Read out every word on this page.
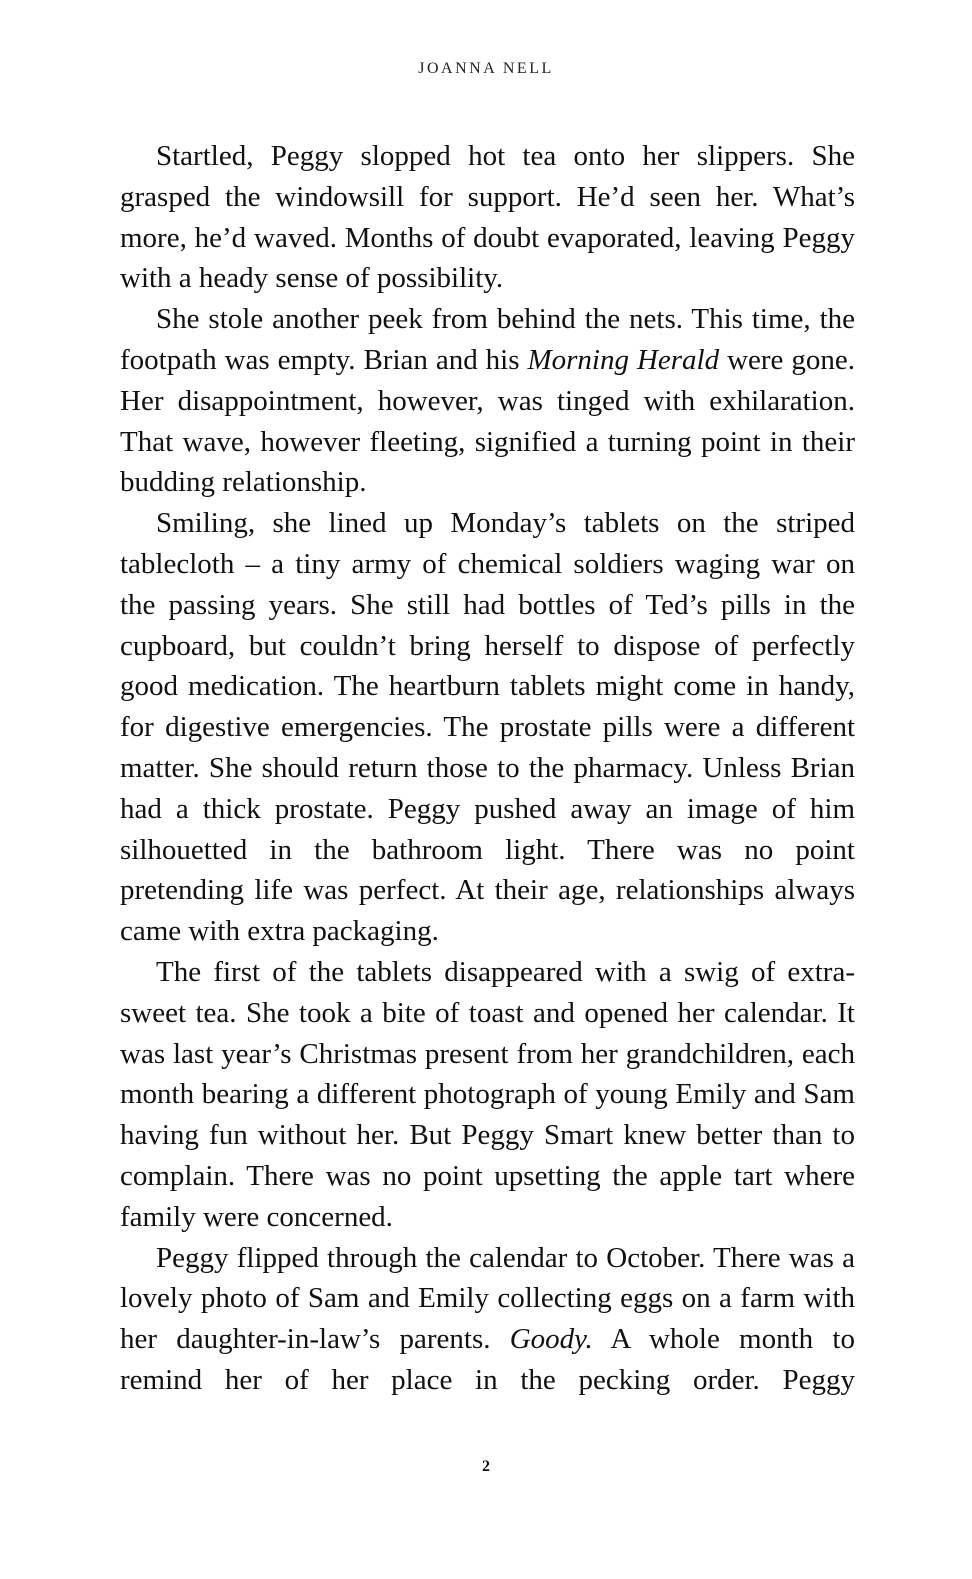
JOANNA NELL

Startled, Peggy slopped hot tea onto her slippers. She grasped the windowsill for support. He’d seen her. What’s more, he’d waved. Months of doubt evaporated, leaving Peggy with a heady sense of possibility.

She stole another peek from behind the nets. This time, the footpath was empty. Brian and his Morning Herald were gone. Her disappointment, however, was tinged with exhilaration. That wave, however fleeting, signified a turning point in their budding relationship.

Smiling, she lined up Monday’s tablets on the striped tablecloth – a tiny army of chemical soldiers waging war on the passing years. She still had bottles of Ted’s pills in the cupboard, but couldn’t bring herself to dispose of perfectly good medication. The heartburn tablets might come in handy, for digestive emergencies. The prostate pills were a different matter. She should return those to the pharmacy. Unless Brian had a thick prostate. Peggy pushed away an image of him silhouetted in the bathroom light. There was no point pretending life was perfect. At their age, relationships always came with extra packaging.

The first of the tablets disappeared with a swig of extra-sweet tea. She took a bite of toast and opened her calendar. It was last year’s Christmas present from her grandchildren, each month bearing a different photograph of young Emily and Sam having fun without her. But Peggy Smart knew better than to complain. There was no point upsetting the apple tart where family were concerned.

Peggy flipped through the calendar to October. There was a lovely photo of Sam and Emily collecting eggs on a farm with her daughter-in-law’s parents. Goody. A whole month to remind her of her place in the pecking order. Peggy

2
